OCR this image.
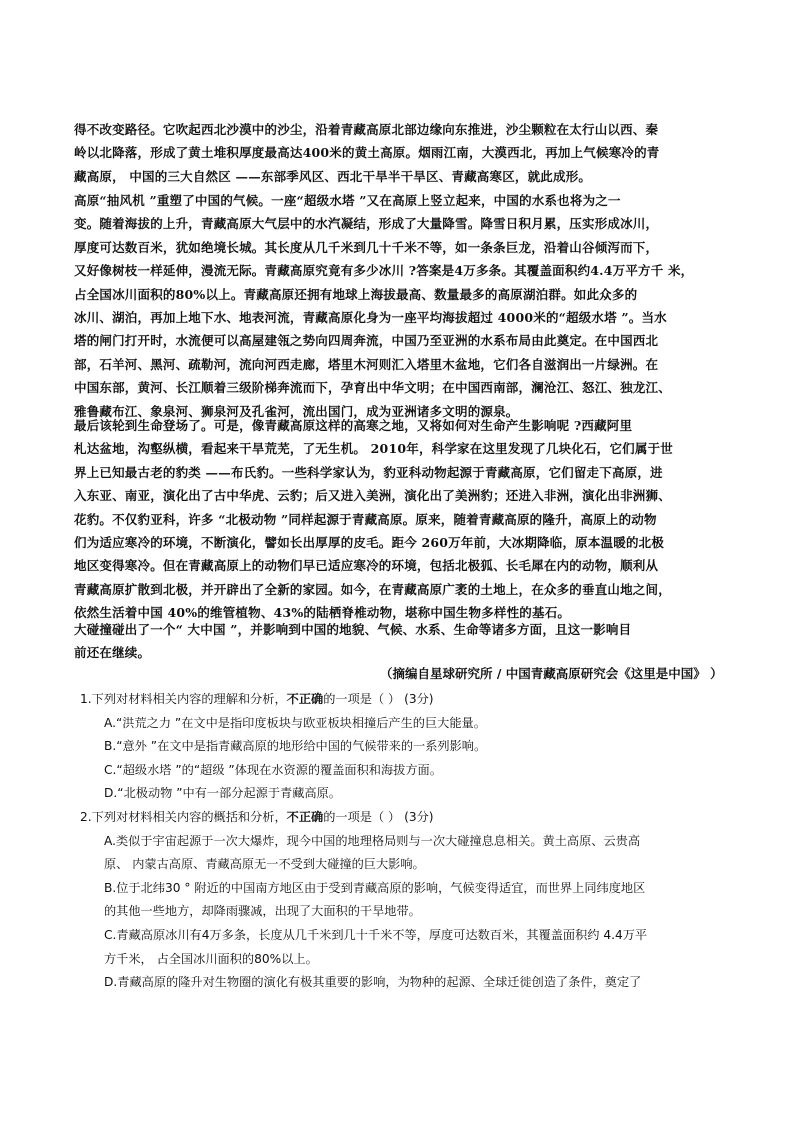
得不改变路径。它吹起西北沙漠中的沙尘，沿着青藏高原北部边缘向东推进，沙尘颗粒在太行山以西、秦
岭以北降落，形成了黄土堆积厚度最高达400米的黄土高原。烟雨江南，大漠西北，再加上气候寒冷的青
藏高原， 中国的三大自然区 ——东部季风区、西北干旱半干旱区、青藏高寒区，就此成形。
高原“抽风机 ”重塑了中国的气候。一座“超级水塔 ”又在高原上竖立起来，中国的水系也将为之一
变。随着海拔的上升，青藏高原大气层中的水汽凝结，形成了大量降雪。降雪日积月累，压实形成冰川，
厚度可达数百米，犹如绝境长城。其长度从几千米到几十千米不等，如一条条巨龙，沿着山谷倾泻而下，
又好像树枝一样延伸，漫流无际。青藏高原究竟有多少冰川 ?答案是4万多条。其覆盖面积约4.4万平方千 米，
占全国冰川面积的80%以上。青藏高原还拥有地球上海拔最高、数量最多的高原湖泊群。如此众多的
冰川、湖泊，再加上地下水、地表河流，青藏高原化身为一座平均海拔超过 4000米的“超级水塔 ”。当水
塔的闸门打开时，水流便可以高屋建瓴之势向四周奔流，中国乃至亚洲的水系布局由此奠定。在中国西北
部，石羊河、黑河、疏勒河，流向河西走廊，塔里木河则汇入塔里木盆地，它们各自滋润出一片绿洲。在
中国东部，黄河、长江顺着三级阶梯奔流而下，孕育出中华文明；在中国西南部，澜沧江、怒江、独龙江、
雅鲁藏布江、象泉河、狮泉河及孔雀河，流出国门，成为亚洲诸多文明的源泉。
最后该轮到生命登场了。可是，像青藏高原这样的高寒之地，又将如何对生命产生影响呢 ?西藏阿里
札达盆地，沟壑纵横，看起来干旱荒芜，了无生机。 2010年，科学家在这里发现了几块化石，它们属于世
界上已知最古老的豹类 ——布氏豹。一些科学家认为，豹亚科动物起源于青藏高原，它们留走下高原，进
入东亚、南亚，演化出了古中华虎、云豹；后又进入美洲，演化出了美洲豹；还进入非洲，演化出非洲狮、
花豹。不仅豹亚科，许多 “北极动物 ”同样起源于青藏高原。原来，随着青藏高原的隆升，高原上的动物
们为适应寒冷的环境，不断演化，譬如长出厚厚的皮毛。距今 260万年前，大冰期降临，原本温暖的北极
地区变得寒冷。但在青藏高原上的动物们早已适应寒冷的环境，包括北极狐、长毛犀在内的动物，顺利从
青藏高原扩散到北极，并开辟出了全新的家园。如今，在青藏高原广袤的土地上，在众多的垂直山地之间，
依然生活着中国 40%的维管植物、43%的陆栖脊椎动物，堪称中国生物多样性的基石。
大碰撞碰出了一个“ 大中国 ”，并影响到中国的地貌、气候、水系、生命等诸多方面，且这一影响目
前还在继续。
（摘编自星球研究所 / 中国青藏高原研究会《这里是中国》 ）
1.下列对材料相关内容的理解和分析，不正确的一项是（ ） (3分)
A.“洪荒之力 ”在文中是指印度板块与欧亚板块相撞后产生的巨大能量。
B.“意外 ”在文中是指青藏高原的地形给中国的气候带来的一系列影响。
C.“超级水塔 ”的“超级 ”体现在水资源的覆盖面积和海拔方面。
D.“北极动物 ”中有一部分起源于青藏高原。
2.下列对材料相关内容的概括和分析，不正确的一项是（ ） (3分)
A.类似于宇宙起源于一次大爆炸，现今中国的地理格局则与一次大碰撞息息相关。黄土高原、云贵高
原、 内蒙古高原、青藏高原无一不受到大碰撞的巨大影响。
B.位于北纬30 ° 附近的中国南方地区由于受到青藏高原的影响，气候变得适宜，而世界上同纬度地区
的其他一些地方，却降雨骤减，出现了大面积的干旱地带。
C.青藏高原冰川有4万多条，长度从几千米到几十千米不等，厚度可达数百米，其覆盖面积约 4.4万平
方千米， 占全国冰川面积的80%以上。
D.青藏高原的隆升对生物圈的演化有极其重要的影响，为物种的起源、全球迁徙创造了条件，奠定了
